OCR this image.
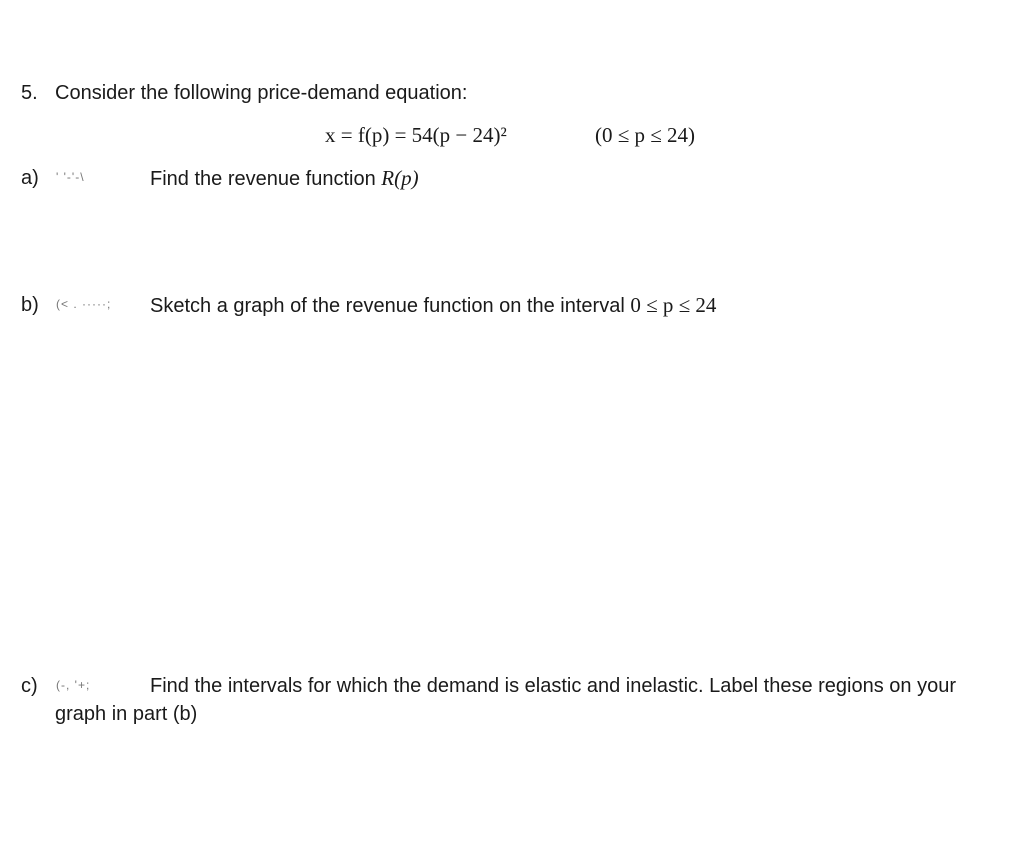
5. Consider the following price-demand equation:
x = f(p) = 54(p − 24)²	(0 ≤ p ≤ 24)
a) ' '-'-\	Find the revenue function R(p)
b) (< . ·····; Sketch a graph of the revenue function on the interval 0 ≤ p ≤ 24
c) (-, '+;	Find the intervals for which the demand is elastic and inelastic. Label these regions on your
graph in part (b)
